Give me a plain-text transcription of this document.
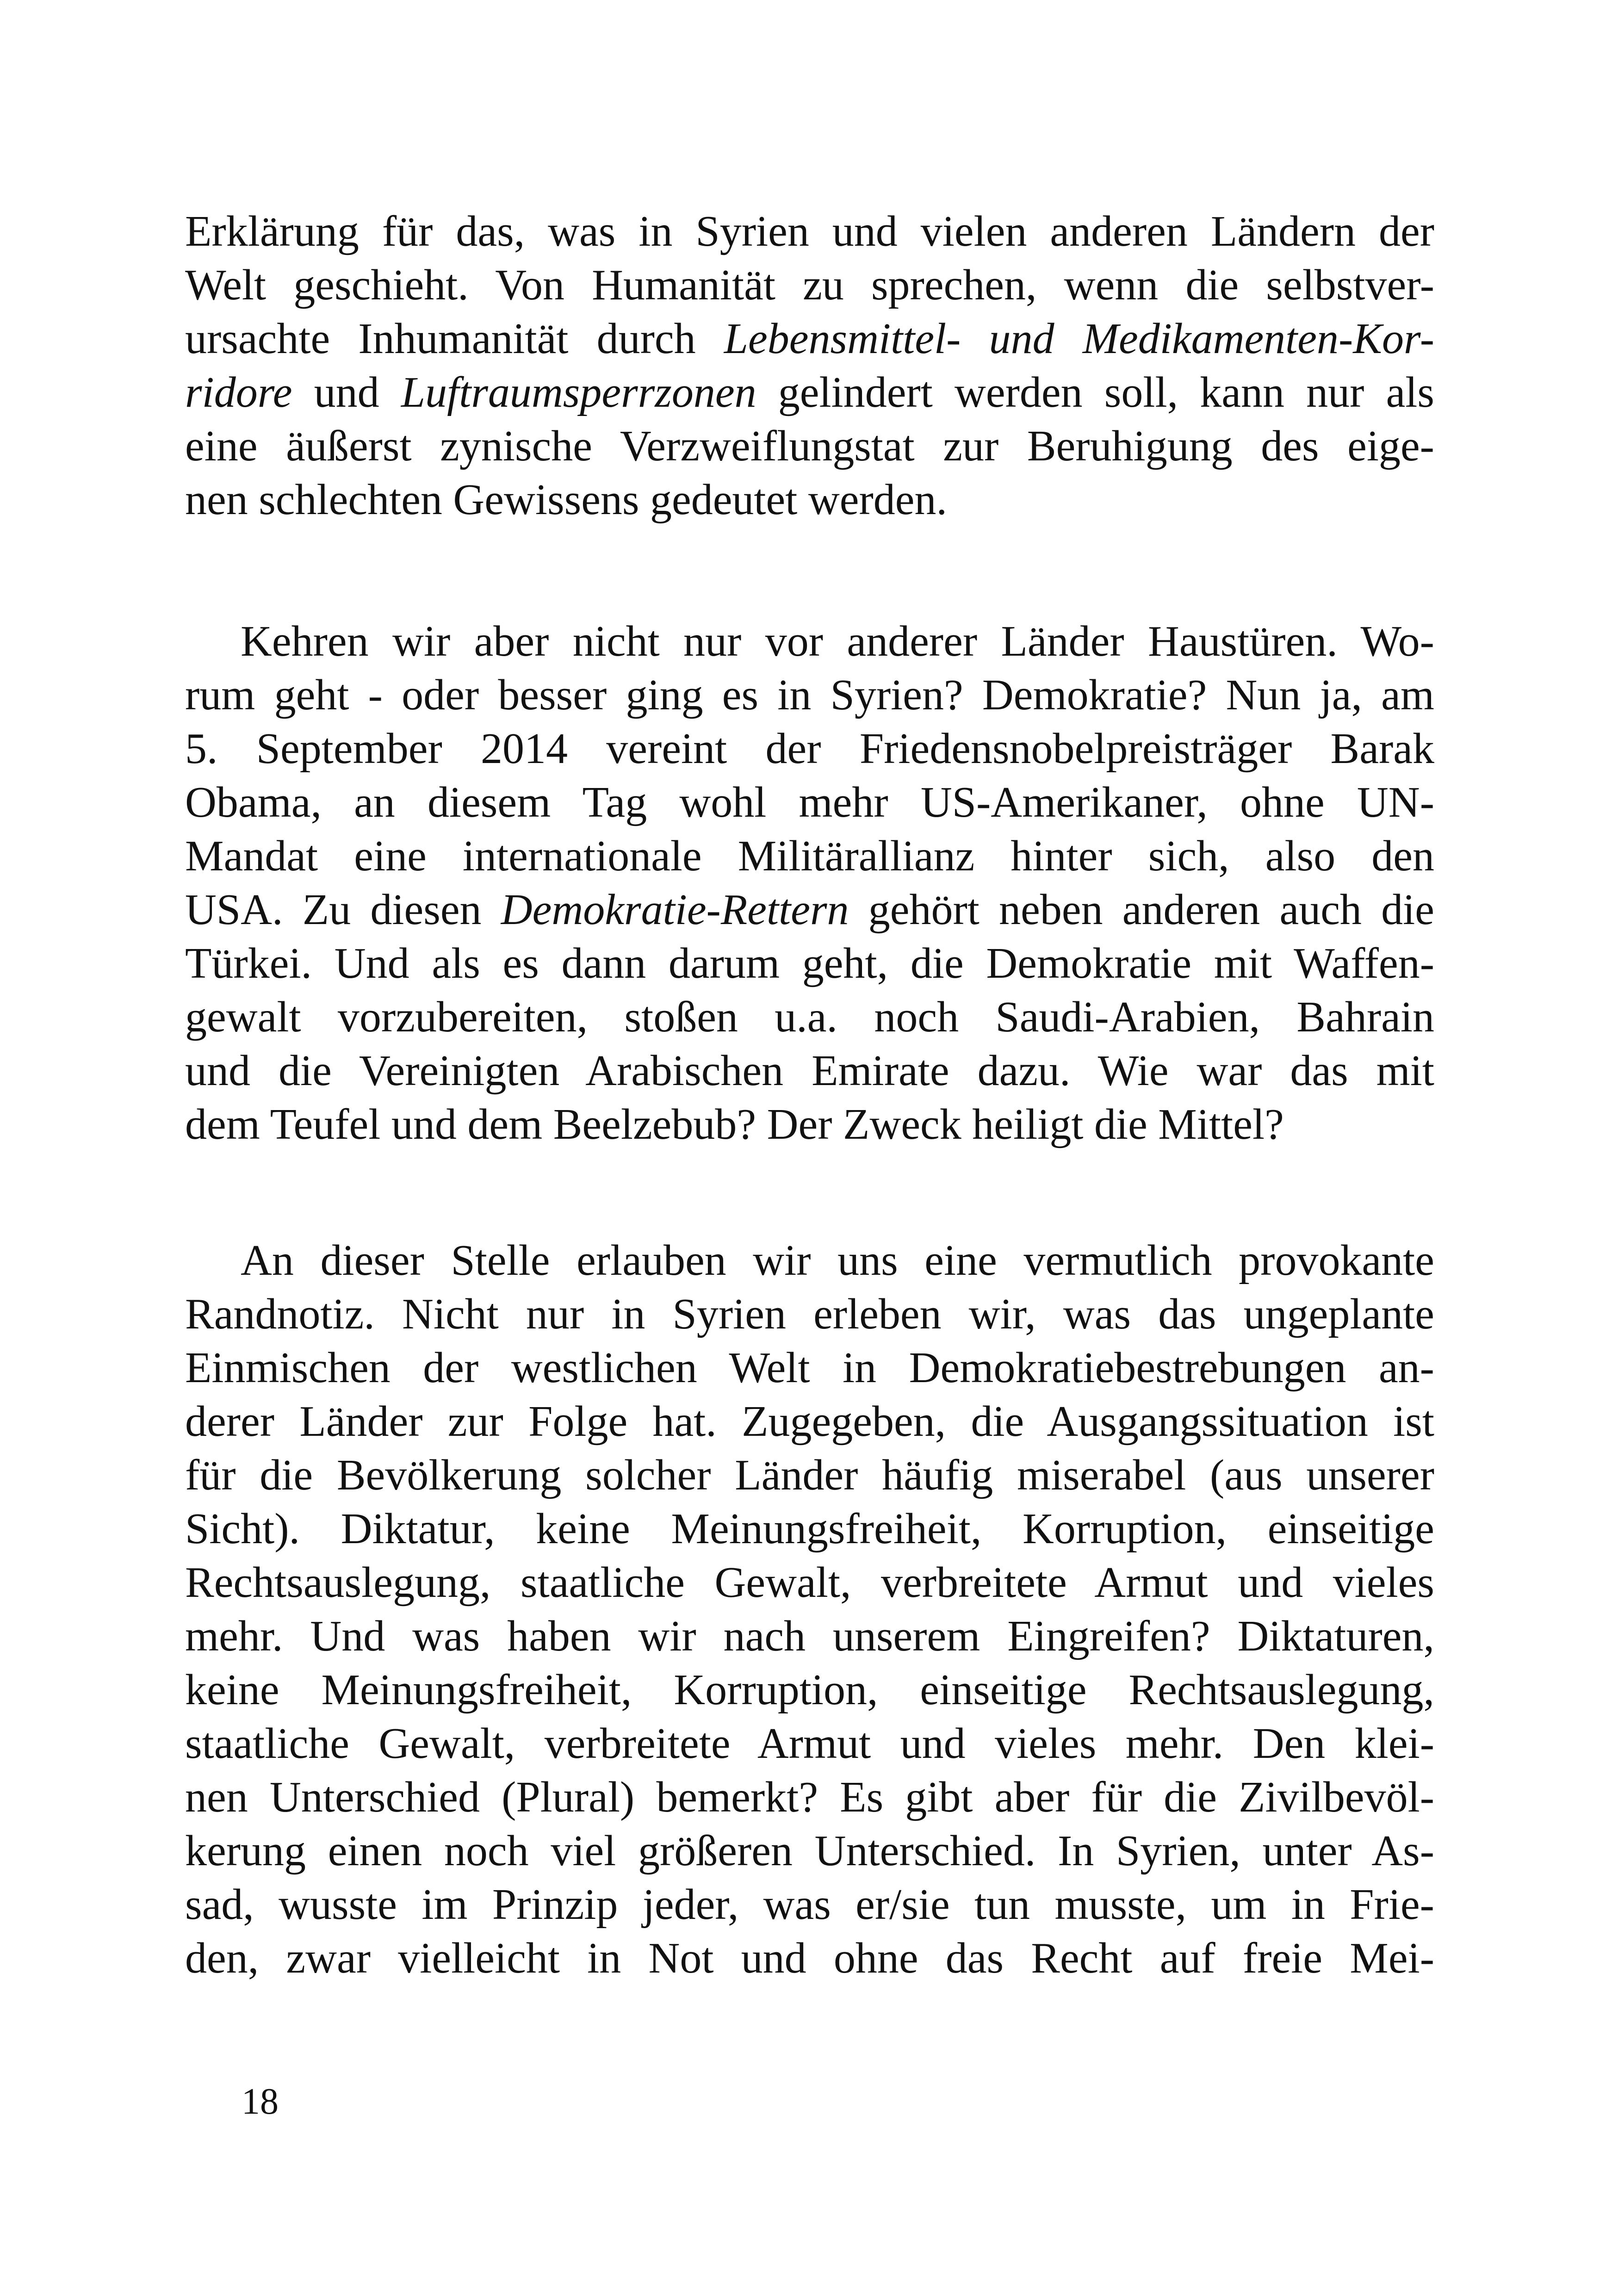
Erklärung für das, was in Syrien und vielen anderen Ländern der
Welt geschieht. Von Humanität zu sprechen, wenn die selbstver-
ursachte Inhumanität durch Lebensmittel- und Medikamenten-Kor-
ridore und Luftraumsperrzonen gelindert werden soll, kann nur als
eine äußerst zynische Verzweiflungstat zur Beruhigung des eige-
nen schlechten Gewissens gedeutet werden.
Kehren wir aber nicht nur vor anderer Länder Haustüren. Wo-
rum geht - oder besser ging es in Syrien? Demokratie? Nun ja, am
5. September 2014 vereint der Friedensnobelpreisträger Barak
Obama, an diesem Tag wohl mehr US-Amerikaner, ohne UN-
Mandat eine internationale Militärallianz hinter sich, also den
USA. Zu diesen Demokratie-Rettern gehört neben anderen auch die
Türkei. Und als es dann darum geht, die Demokratie mit Waffen-
gewalt vorzubereiten, stoßen u.a. noch Saudi-Arabien, Bahrain
und die Vereinigten Arabischen Emirate dazu. Wie war das mit
dem Teufel und dem Beelzebub? Der Zweck heiligt die Mittel?
An dieser Stelle erlauben wir uns eine vermutlich provokante
Randnotiz. Nicht nur in Syrien erleben wir, was das ungeplante
Einmischen der westlichen Welt in Demokratiebestrebungen an-
derer Länder zur Folge hat. Zugegeben, die Ausgangssituation ist
für die Bevölkerung solcher Länder häufig miserabel (aus unserer
Sicht). Diktatur, keine Meinungsfreiheit, Korruption, einseitige
Rechtsauslegung, staatliche Gewalt, verbreitete Armut und vieles
mehr. Und was haben wir nach unserem Eingreifen? Diktaturen,
keine Meinungsfreiheit, Korruption, einseitige Rechtsauslegung,
staatliche Gewalt, verbreitete Armut und vieles mehr. Den klei-
nen Unterschied (Plural) bemerkt? Es gibt aber für die Zivilbevöl-
kerung einen noch viel größeren Unterschied. In Syrien, unter As-
sad, wusste im Prinzip jeder, was er/sie tun musste, um in Frie-
den, zwar vielleicht in Not und ohne das Recht auf freie Mei-
18
